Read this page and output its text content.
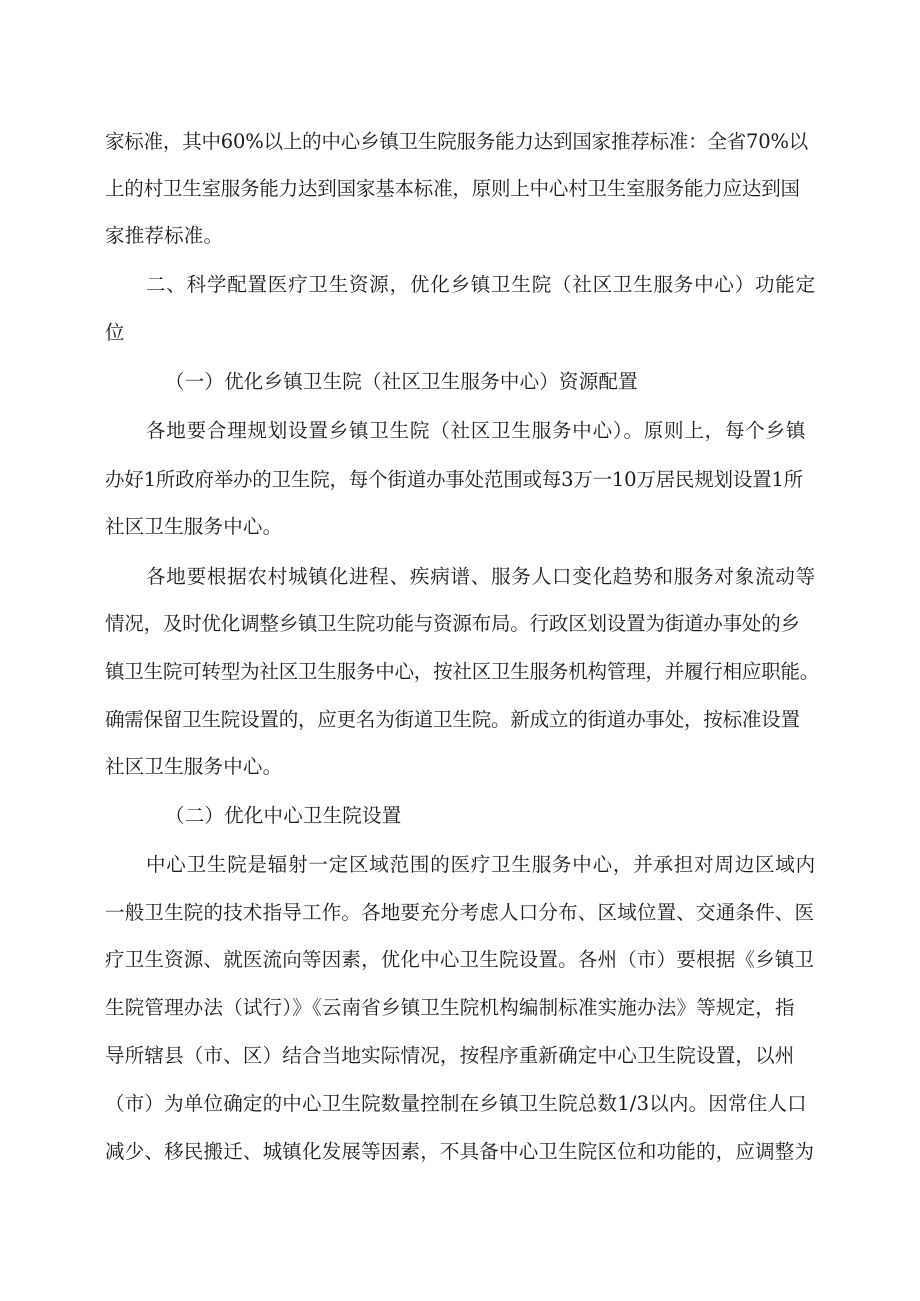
家标准，其中60%以上的中心乡镇卫生院服务能力达到国家推荐标准：全省70%以
上的村卫生室服务能力达到国家基本标准，原则上中心村卫生室服务能力应达到国
家推荐标准。
二、科学配置医疗卫生资源，优化乡镇卫生院（社区卫生服务中心）功能定
位
（一）优化乡镇卫生院（社区卫生服务中心）资源配置
各地要合理规划设置乡镇卫生院（社区卫生服务中心）。原则上，每个乡镇
办好1所政府举办的卫生院，每个街道办事处范围或每3万一10万居民规划设置1所
社区卫生服务中心。
各地要根据农村城镇化进程、疾病谱、服务人口变化趋势和服务对象流动等
情况，及时优化调整乡镇卫生院功能与资源布局。行政区划设置为街道办事处的乡
镇卫生院可转型为社区卫生服务中心，按社区卫生服务机构管理，并履行相应职能。
确需保留卫生院设置的，应更名为街道卫生院。新成立的街道办事处，按标准设置
社区卫生服务中心。
（二）优化中心卫生院设置
中心卫生院是辐射一定区域范围的医疗卫生服务中心，并承担对周边区域内
一般卫生院的技术指导工作。各地要充分考虑人口分布、区域位置、交通条件、医
疗卫生资源、就医流向等因素，优化中心卫生院设置。各州（市）要根据《乡镇卫
生院管理办法（试行）》《云南省乡镇卫生院机构编制标准实施办法》等规定，指
导所辖县（市、区）结合当地实际情况，按程序重新确定中心卫生院设置，以州
（市）为单位确定的中心卫生院数量控制在乡镇卫生院总数1/3以内。因常住人口
减少、移民搬迁、城镇化发展等因素，不具备中心卫生院区位和功能的，应调整为
